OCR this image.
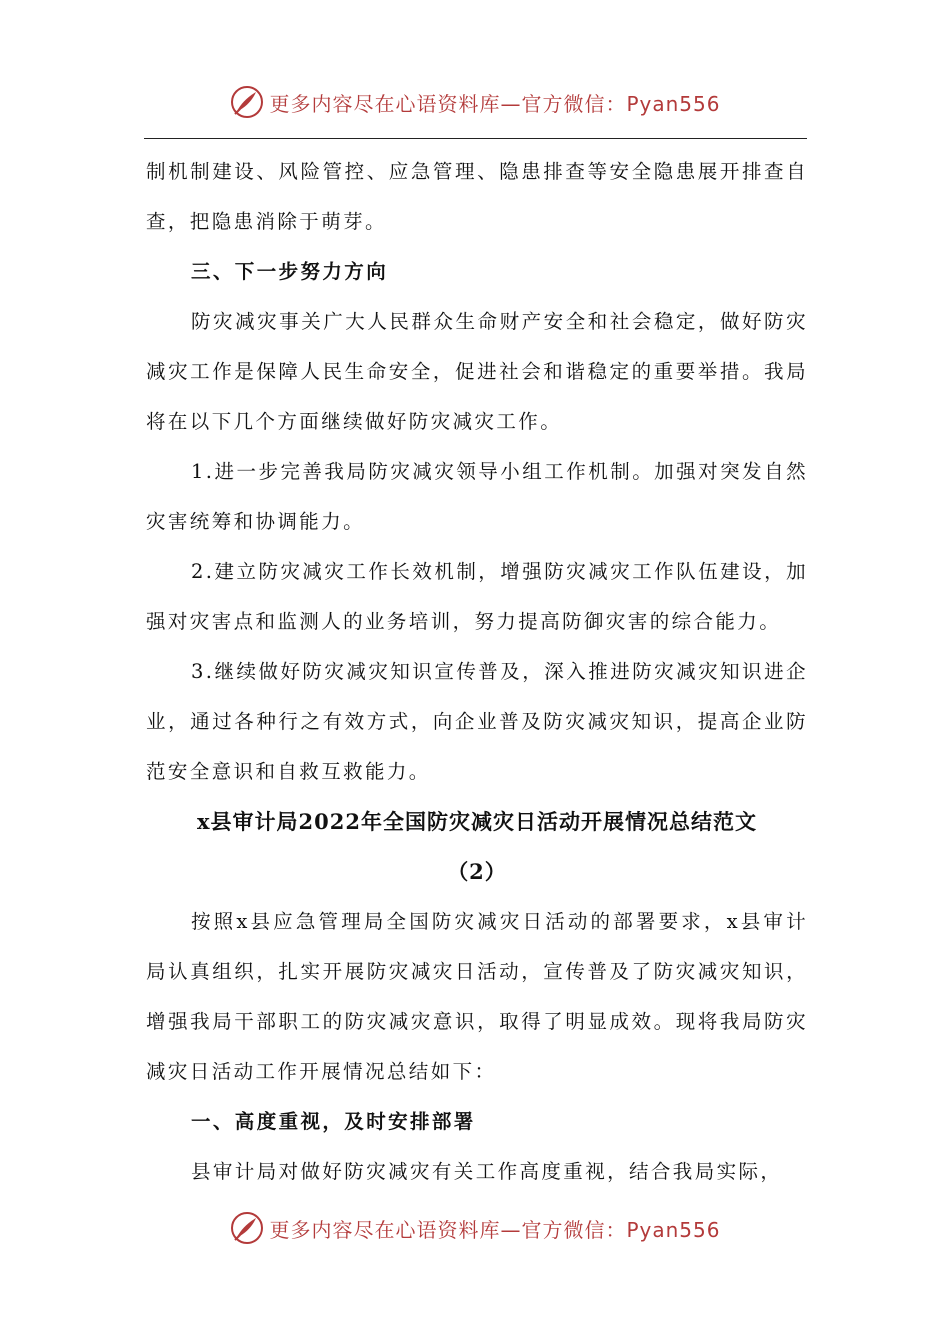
更多内容尽在心语资料库—官方微信：Pyan556

制机制建设、风险管控、应急管理、隐患排查等安全隐患展开排查自查，把隐患消除于萌芽。

三、下一步努力方向

防灾减灾事关广大人民群众生命财产安全和社会稳定，做好防灾减灾工作是保障人民生命安全，促进社会和谐稳定的重要举措。我局将在以下几个方面继续做好防灾减灾工作。

1.进一步完善我局防灾减灾领导小组工作机制。加强对突发自然灾害统筹和协调能力。

2.建立防灾减灾工作长效机制，增强防灾减灾工作队伍建设，加强对灾害点和监测人的业务培训，努力提高防御灾害的综合能力。

3.继续做好防灾减灾知识宣传普及，深入推进防灾减灾知识进企业，通过各种行之有效方式，向企业普及防灾减灾知识，提高企业防范安全意识和自救互救能力。

x县审计局2022年全国防灾减灾日活动开展情况总结范文

（2）

按照x县应急管理局全国防灾减灾日活动的部署要求，x县审计局认真组织，扎实开展防灾减灾日活动，宣传普及了防灾减灾知识，增强我局干部职工的防灾减灾意识，取得了明显成效。现将我局防灾减灾日活动工作开展情况总结如下：

一、高度重视，及时安排部署

县审计局对做好防灾减灾有关工作高度重视，结合我局实际，

更多内容尽在心语资料库—官方微信：Pyan556
